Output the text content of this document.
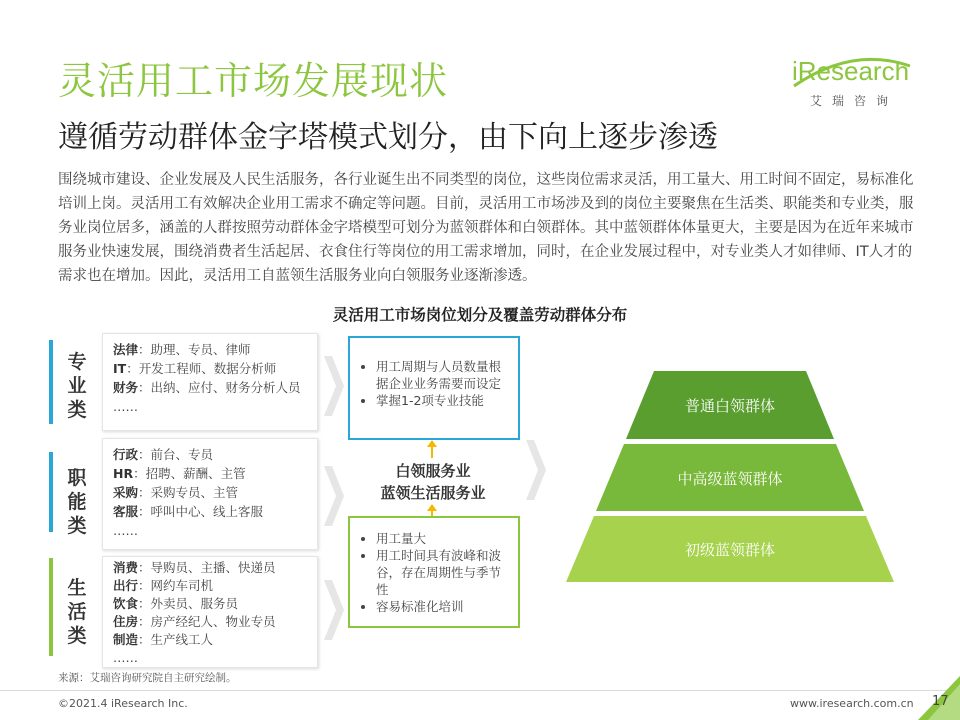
灵活用工市场发展现状	iResearch
艾瑞咨询
遵循劳动群体金字塔模式划分，由下向上逐步渗透

围绕城市建设、企业发展及人民生活服务，各行业诞生出不同类型的岗位，这些岗位需求灵活，用工量大、用工时间不固定，易标准化培训上岗。灵活用工有效解决企业用工需求不确定等问题。目前，灵活用工市场涉及到的岗位主要聚焦在生活类、职能类和专业类，服务业岗位居多，涵盖的人群按照劳动群体金字塔模型可划分为蓝领群体和白领群体。其中蓝领群体体量更大，主要是因为在近年来城市服务业快速发展，围绕消费者生活起居、衣食住行等岗位的用工需求增加，同时，在企业发展过程中，对专业类人才如律师、IT人才的需求也在增加。因此，灵活用工自蓝领生活服务业向白领服务业逐渐渗透。

灵活用工市场岗位划分及覆盖劳动群体分布
专
业
类
法律：助理、专员、律师
IT：开发工程师、数据分析师
财务：出纳、应付、财务分析人员
……
职
能
类
行政：前台、专员
HR：招聘、薪酬、主管
采购：采购专员、主管
客服：呼叫中心、线上客服
……
生
活
类
消费：导购员、主播、快递员
出行：网约车司机
饮食：外卖员、服务员
住房：房产经纪人、物业专员
制造：生产线工人
……
• 用工周期与人员数量根据企业业务需要而设定
• 掌握1-2项专业技能
白领服务业
蓝领生活服务业
• 用工量大
• 用工时间具有波峰和波谷，存在周期性与季节性
• 容易标准化培训
普通白领群体
中高级蓝领群体
初级蓝领群体
来源：艾瑞咨询研究院自主研究绘制。
©2021.4 iResearch Inc.	www.iresearch.com.cn 17
